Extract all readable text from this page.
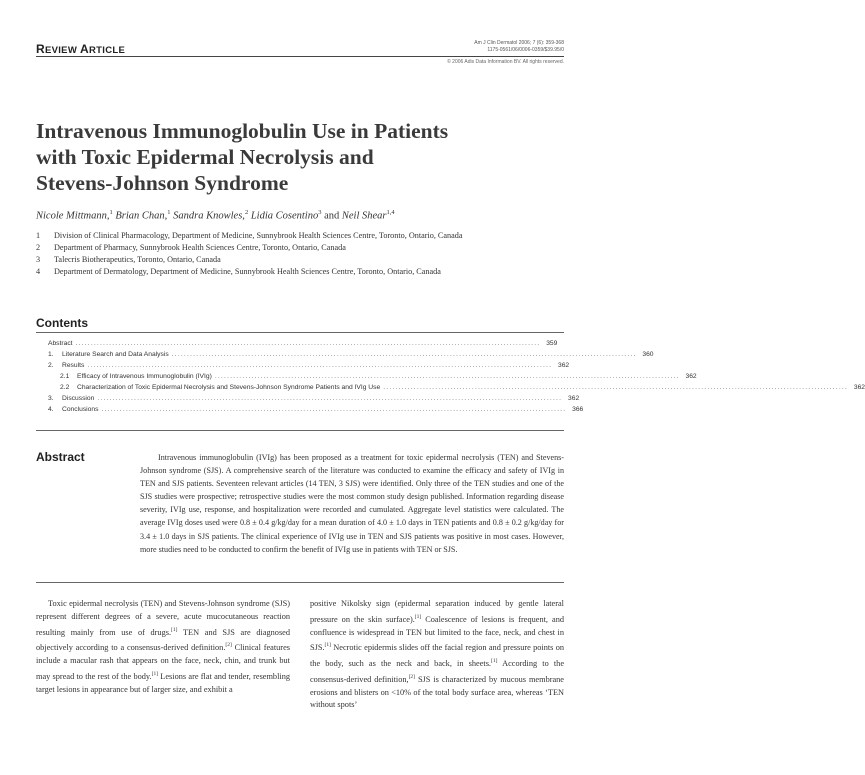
REVIEW ARTICLE
Am J Clin Dermatol 2006; 7 (6): 359-368
1175-0561/06/0006-0359/$39.95/0
© 2006 Adis Data Information BV. All rights reserved.
Intravenous Immunoglobulin Use in Patients
with Toxic Epidermal Necrolysis and
Stevens-Johnson Syndrome
Nicole Mittmann,$^1$ Brian Chan,$^1$ Sandra Knowles,$^2$ Lidia Cosentino$^3$ and Neil Shear$^{1,4}$
1 Division of Clinical Pharmacology, Department of Medicine, Sunnybrook Health Sciences Centre, Toronto, Ontario, Canada
2 Department of Pharmacy, Sunnybrook Health Sciences Centre, Toronto, Ontario, Canada
3 Talecris Biotherapeutics, Toronto, Ontario, Canada
4 Department of Dermatology, Department of Medicine, Sunnybrook Health Sciences Centre, Toronto, Ontario, Canada
Contents
Abstract ........................................................................................................................................................ 359
1.	Literature Search and Data Analysis ........................................................................................................................................................ 360
2.	Results ........................................................................................................................................................ 362
2.1	Efficacy of Intravenous Immunoglobulin (IVIg) ........................................................................................................................................................ 362
2.2	Characterization of Toxic Epidermal Necrolysis and Stevens-Johnson Syndrome Patients and IVIg Use ........................................................................................................................................................ 362
3.	Discussion ........................................................................................................................................................ 362
4.	Conclusions ........................................................................................................................................................ 366
Abstract	Intravenous immunoglobulin (IVIg) has been proposed as a treatment for toxic epidermal necrolysis (TEN) and Stevens-Johnson syndrome (SJS). A comprehensive search of the literature was conducted to examine the efficacy and safety of IVIg in TEN and SJS patients. Seventeen relevant articles (14 TEN, 3 SJS) were identified. Only three of the TEN studies and one of the SJS studies were prospective; retrospective studies were the most common study design published. Information regarding disease severity, IVIg use, response, and hospitalization were recorded and cumulated. Aggregate level statistics were calculated. The average IVIg doses used were 0.8 ± 0.4 g/kg/day for a mean duration of 4.0 ± 1.0 days in TEN patients and 0.8 ± 0.2 g/kg/day for 3.4 ± 1.0 days in SJS patients. The clinical experience of IVIg use in TEN and SJS patients was positive in most cases. However, more studies need to be conducted to confirm the benefit of IVIg use in patients with TEN or SJS.
Toxic epidermal necrolysis (TEN) and Stevens-Johnson syndrome (SJS) represent different degrees of a severe, acute mucocutaneous reaction resulting mainly from use of drugs.[1] TEN and SJS are diagnosed objectively according to a consensus-derived definition.[2] Clinical features include a macular rash that appears on the face, neck, chin, and trunk but may spread to the rest of the body.[1] Lesions are flat and tender, resembling target lesions in appearance but of larger size, and exhibit a
positive Nikolsky sign (epidermal separation induced by gentle lateral pressure on the skin surface).[1] Coalescence of lesions is frequent, and confluence is widespread in TEN but limited to the face, neck, and chest in SJS.[1] Necrotic epidermis slides off the facial region and pressure points on the body, such as the neck and back, in sheets.[1] According to the consensus-derived definition,[2] SJS is characterized by mucous membrane erosions and blisters on <10% of the total body surface area, whereas ‘TEN without spots’
